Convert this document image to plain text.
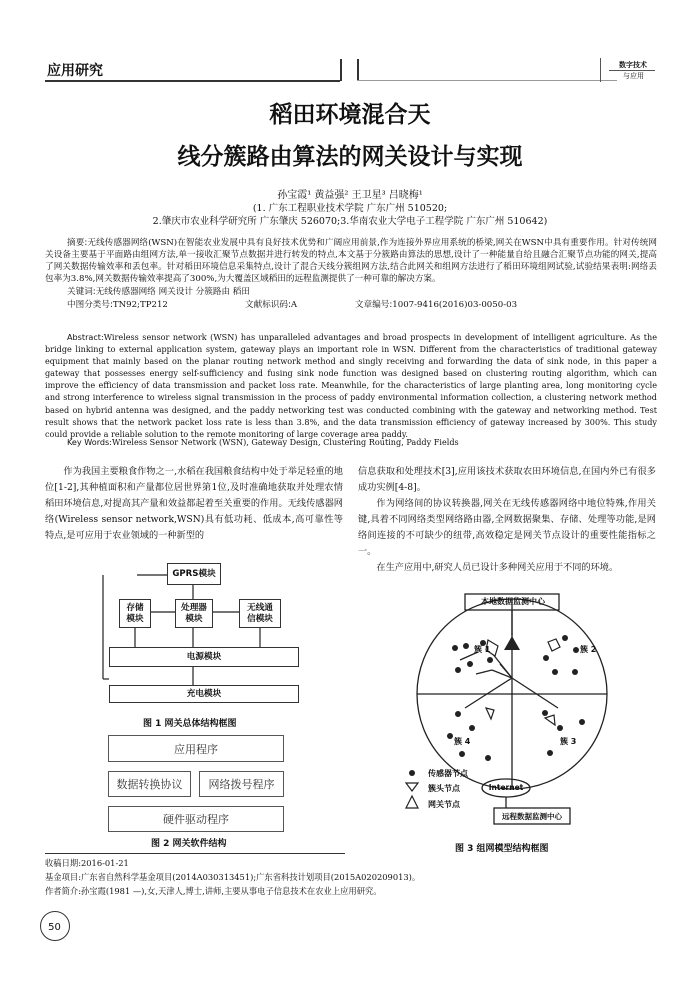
应用研究	数字技术
与应用
稻田环境混合天
线分簇路由算法的网关设计与实现
孙宝霞¹ 黄益强² 王卫星³ 吕晓梅¹
(1. 广东工程职业技术学院 广东广州 510520;
2.肇庆市农业科学研究所 广东肇庆 526070;3.华南农业大学电子工程学院 广东广州 510642)
摘要:无线传感器网络(WSN)在智能农业发展中具有良好技术优势和广阔应用前景,作为连接外界应用系统的桥梁,网关在WSN中具有重要作用。针对传统网关设备主要基于平面路由组网方法,单一接收汇聚节点数据并进行转发的特点,本文基于分簇路由算法的思想,设计了一种能量自给且融合汇聚节点功能的网关,提高了网关数据传输效率和丢包率。针对稻田环境信息采集特点,设计了混合天线分簇组网方法,结合此网关和组网方法进行了稻田环境组网试验,试验结果表明:网络丢包率为3.8%,网关数据传输效率提高了300%,为大覆盖区域稻田的远程监测提供了一种可靠的解决方案。
关键词:无线传感器网络 网关设计 分簇路由 稻田
中图分类号:TN92;TP212	文献标识码:A	文章编号:1007-9416(2016)03-0050-03
Abstract:Wireless sensor network (WSN) has unparalleled advantages and broad prospects in development of intelligent agriculture. As the bridge linking to external application system, gateway plays an important role in WSN. Different from the characteristics of traditional gateway equipment that mainly based on the planar routing network method and singly receiving and forwarding the data of sink node, in this paper a gateway that possesses energy self-sufficiency and fusing sink node function was designed based on clustering routing algorithm, which can improve the efficiency of data transmission and packet loss rate. Meanwhile, for the characteristics of large planting area, long monitoring cycle and strong interference to wireless signal transmission in the process of paddy environmental information collection, a clustering network method based on hybrid antenna was designed, and the paddy networking test was conducted combining with the gateway and networking method. Test result shows that the network packet loss rate is less than 3.8%, and the data transmission efficiency of gateway increased by 300%. This study could provide a reliable solution to the remote monitoring of large coverage area paddy.
Key Words:Wireless Sensor Network (WSN), Gateway Design, Clustering Routing, Paddy Fields
作为我国主要粮食作物之一,水稻在我国粮食结构中处于举足轻重的地位[1-2],其种植面积和产量都位居世界第1位,及时准确地获取并处理农情稻田环境信息,对提高其产量和效益都起着至关重要的作用。无线传感器网络(Wireless sensor network,WSN)具有低功耗、低成本,高可靠性等特点,是可应用于农业领域的一种新型的
信息获取和处理技术[3],应用该技术获取农田环境信息,在国内外已有很多成功实例[4-8]。
作为网络间的协议转换器,网关在无线传感器网络中地位特殊,作用关键,具着不同网络类型网络路由器,全网数据聚集、存储、处理等功能,是网络间连接的不可缺少的纽带,高效稳定是网关节点设计的重要性能指标之一。
在生产应用中,研究人员已设计多种网关应用于不同的环境。
GPRS模块
存储
模块
处理器
模块
无线通
信模块
电源模块
充电模块
图 1 网关总体结构框图
应用程序
数据转换协议	网络拨号程序
硬件驱动程序
图 2 网关软件结构
本地数据监测中心
簇 1	簇 2
簇 3
簇 4
传感器节点
簇头节点
网关节点
Internet
远程数据监测中心
图 3 组网模型结构框图
收稿日期:2016-01-21
基金项目:广东省自然科学基金项目(2014A030313451);广东省科技计划项目(2015A020209013)。
作者简介:孙宝霞(1981 —),女,天津人,博士,讲师,主要从事电子信息技术在农业上应用研究。
50
